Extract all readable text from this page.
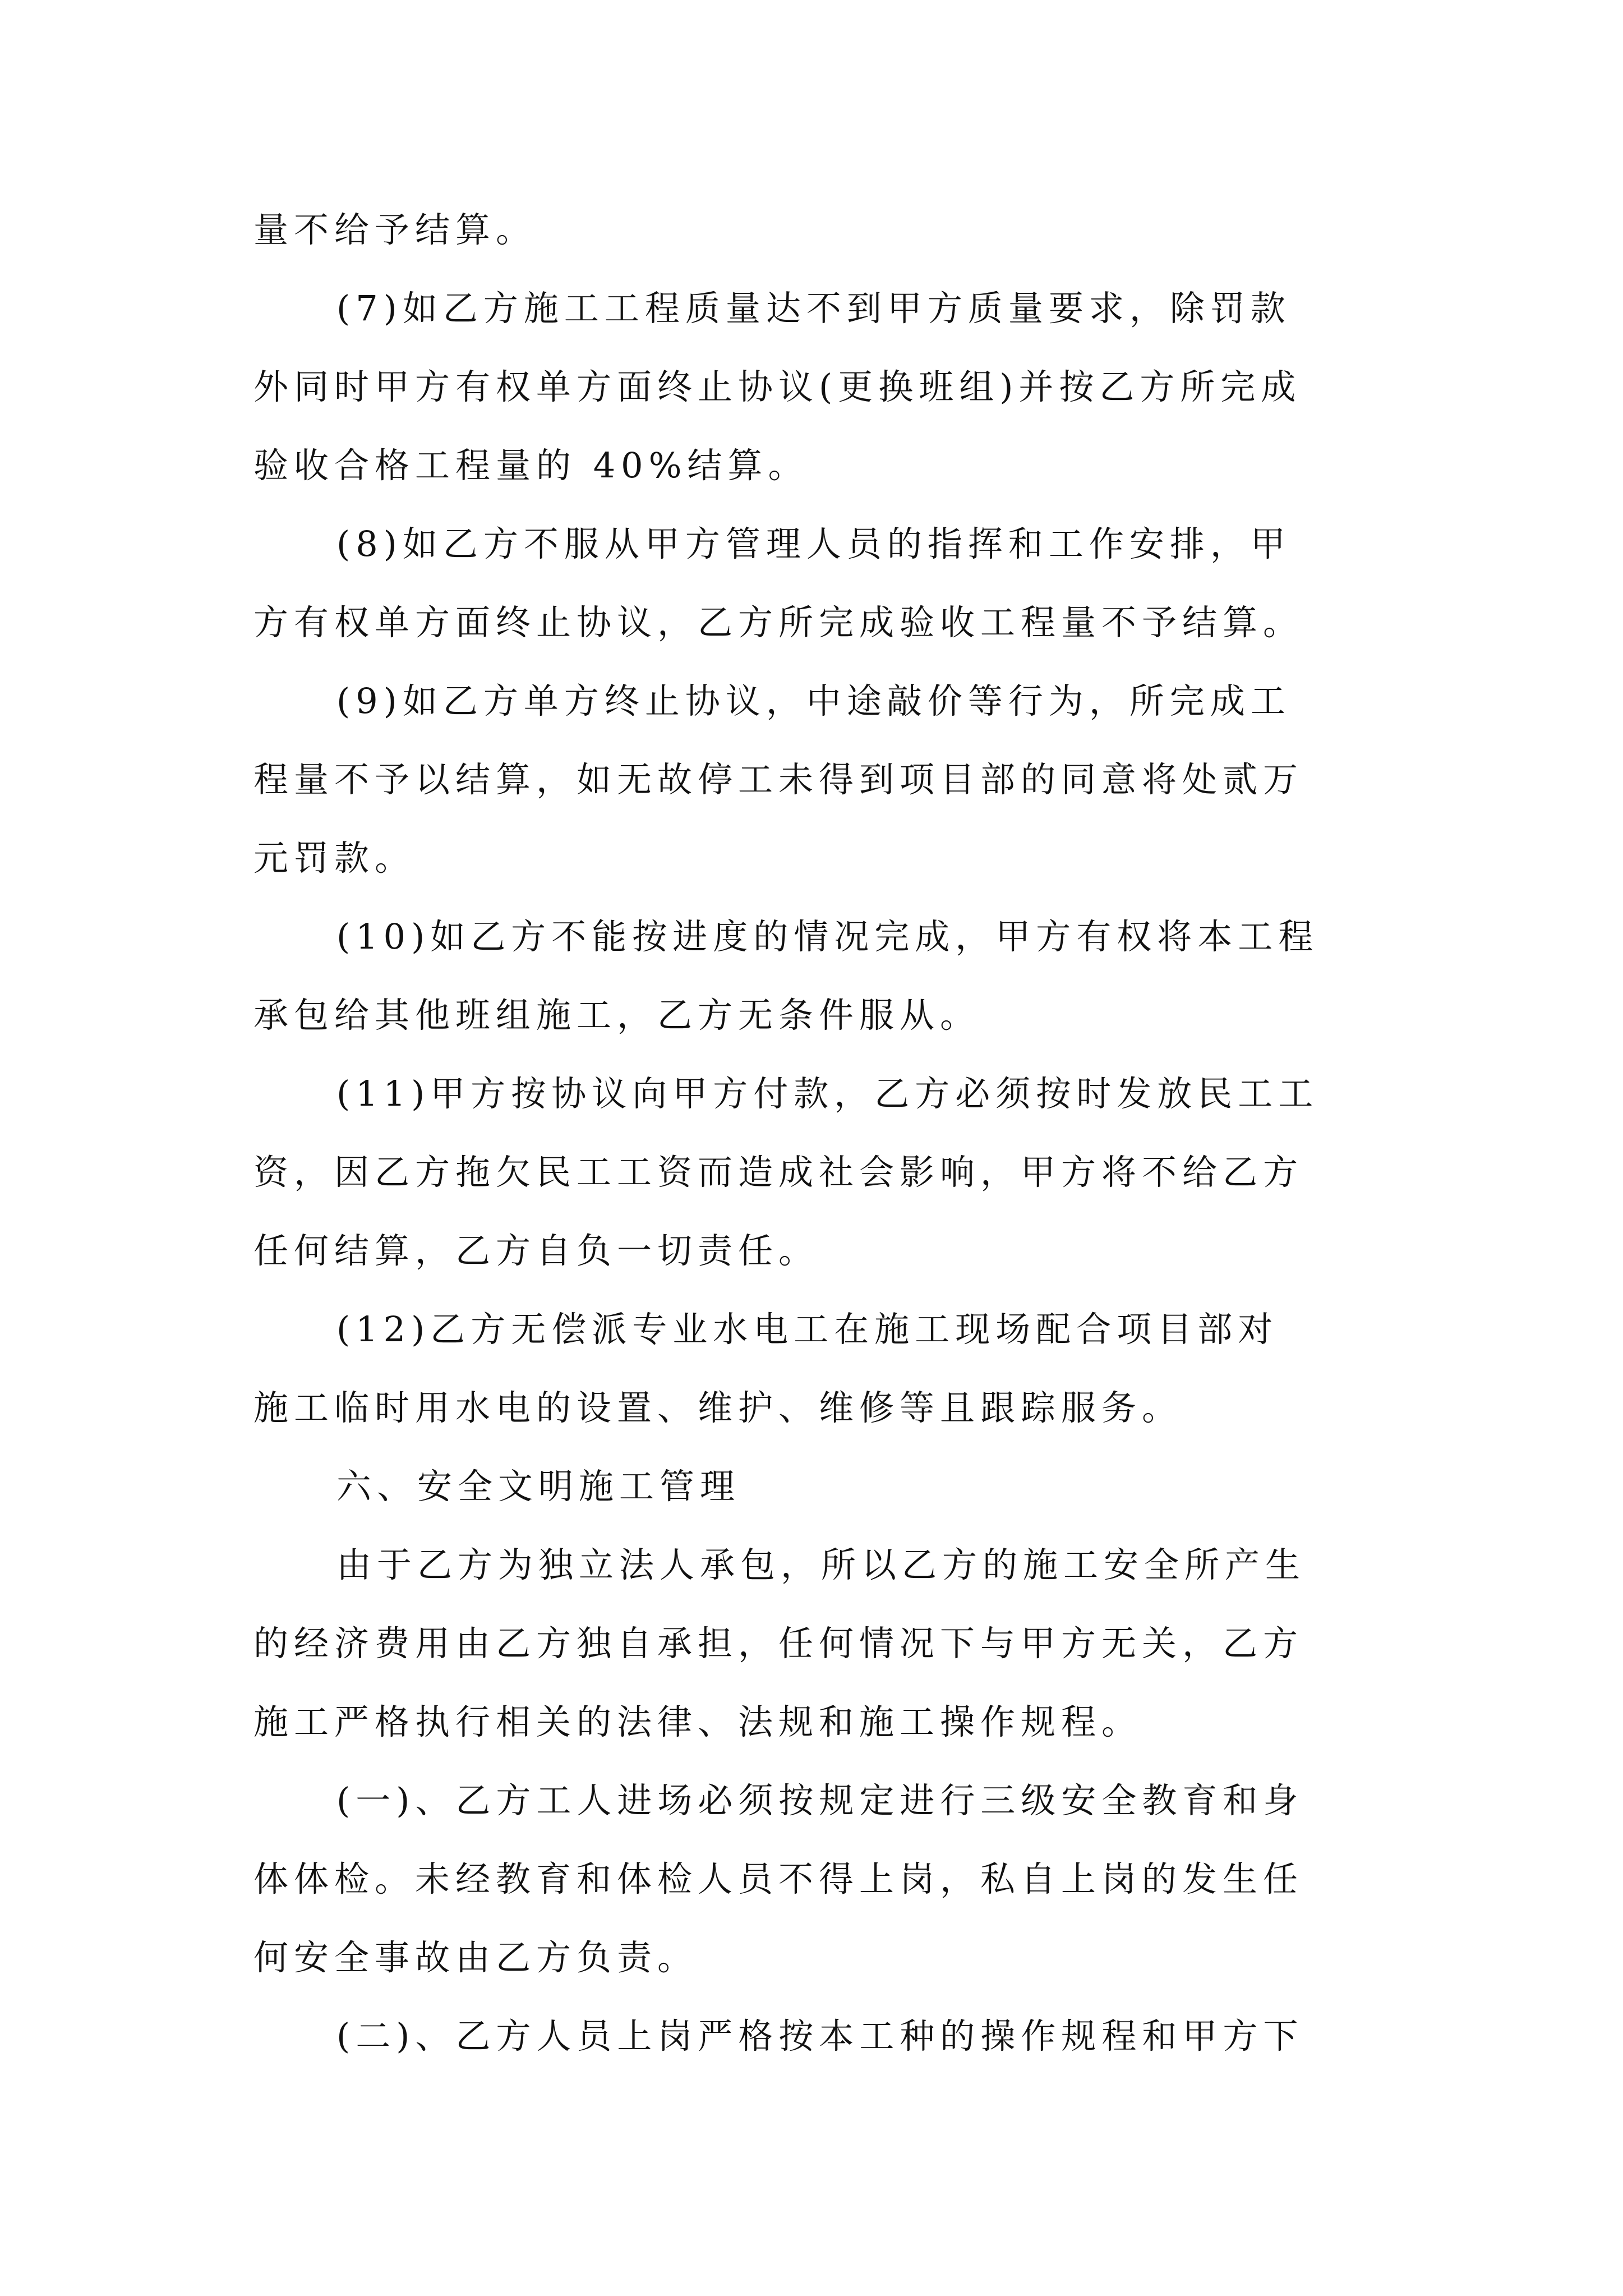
量不给予结算。
(7)如乙方施工工程质量达不到甲方质量要求，除罚款
外同时甲方有权单方面终止协议(更换班组)并按乙方所完成
验收合格工程量的 40%结算。
(8)如乙方不服从甲方管理人员的指挥和工作安排，甲
方有权单方面终止协议，乙方所完成验收工程量不予结算。
(9)如乙方单方终止协议，中途敲价等行为，所完成工
程量不予以结算，如无故停工未得到项目部的同意将处贰万
元罚款。
(10)如乙方不能按进度的情况完成，甲方有权将本工程
承包给其他班组施工，乙方无条件服从。
(11)甲方按协议向甲方付款，乙方必须按时发放民工工
资，因乙方拖欠民工工资而造成社会影响，甲方将不给乙方
任何结算，乙方自负一切责任。
(12)乙方无偿派专业水电工在施工现场配合项目部对
施工临时用水电的设置、维护、维修等且跟踪服务。
六、安全文明施工管理
由于乙方为独立法人承包，所以乙方的施工安全所产生
的经济费用由乙方独自承担，任何情况下与甲方无关，乙方
施工严格执行相关的法律、法规和施工操作规程。
(一)、乙方工人进场必须按规定进行三级安全教育和身
体体检。未经教育和体检人员不得上岗，私自上岗的发生任
何安全事故由乙方负责。
(二)、乙方人员上岗严格按本工种的操作规程和甲方下
